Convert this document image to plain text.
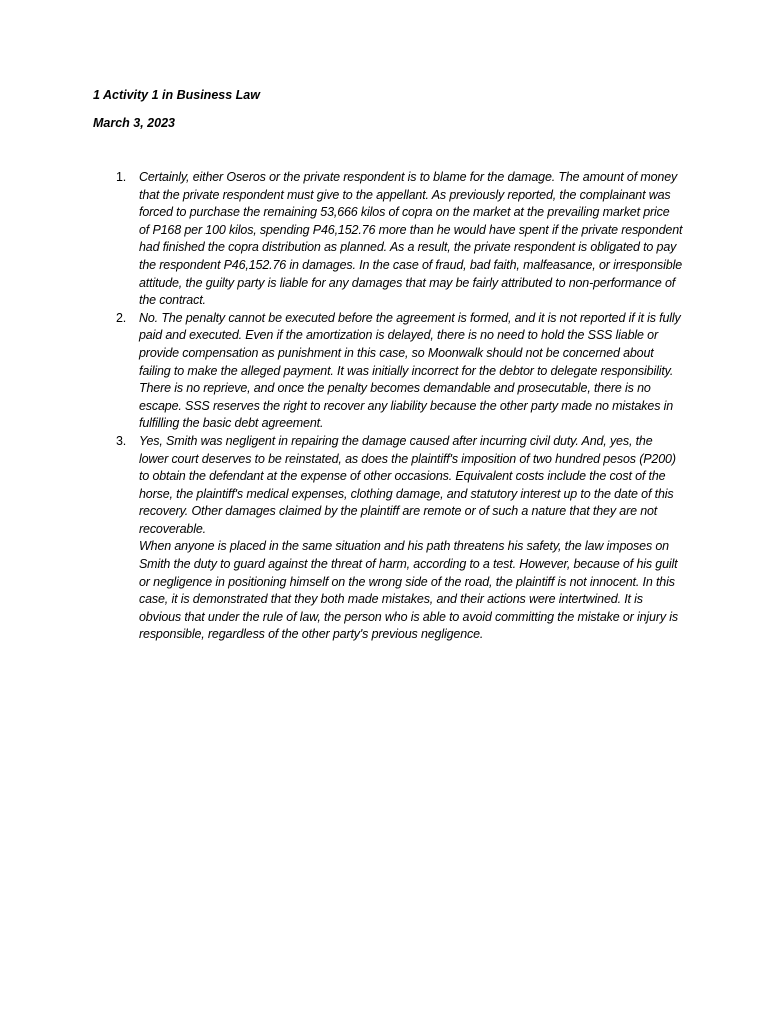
1 Activity 1 in Business Law
March 3, 2023
1. Certainly, either Oseros or the private respondent is to blame for the damage. The amount of money that the private respondent must give to the appellant. As previously reported, the complainant was forced to purchase the remaining 53,666 kilos of copra on the market at the prevailing market price of P168 per 100 kilos, spending P46,152.76 more than he would have spent if the private respondent had finished the copra distribution as planned. As a result, the private respondent is obligated to pay the respondent P46,152.76 in damages. In the case of fraud, bad faith, malfeasance, or irresponsible attitude, the guilty party is liable for any damages that may be fairly attributed to non-performance of the contract.

2. No. The penalty cannot be executed before the agreement is formed, and it is not reported if it is fully paid and executed. Even if the amortization is delayed, there is no need to hold the SSS liable or provide compensation as punishment in this case, so Moonwalk should not be concerned about failing to make the alleged payment. It was initially incorrect for the debtor to delegate responsibility. There is no reprieve, and once the penalty becomes demandable and prosecutable, there is no escape. SSS reserves the right to recover any liability because the other party made no mistakes in fulfilling the basic debt agreement.

3. Yes, Smith was negligent in repairing the damage caused after incurring civil duty. And, yes, the lower court deserves to be reinstated, as does the plaintiff's imposition of two hundred pesos (P200) to obtain the defendant at the expense of other occasions. Equivalent costs include the cost of the horse, the plaintiff's medical expenses, clothing damage, and statutory interest up to the date of this recovery. Other damages claimed by the plaintiff are remote or of such a nature that they are not recoverable.

When anyone is placed in the same situation and his path threatens his safety, the law imposes on Smith the duty to guard against the threat of harm, according to a test. However, because of his guilt or negligence in positioning himself on the wrong side of the road, the plaintiff is not innocent. In this case, it is demonstrated that they both made mistakes, and their actions were intertwined. It is obvious that under the rule of law, the person who is able to avoid committing the mistake or injury is responsible, regardless of the other party's previous negligence.
